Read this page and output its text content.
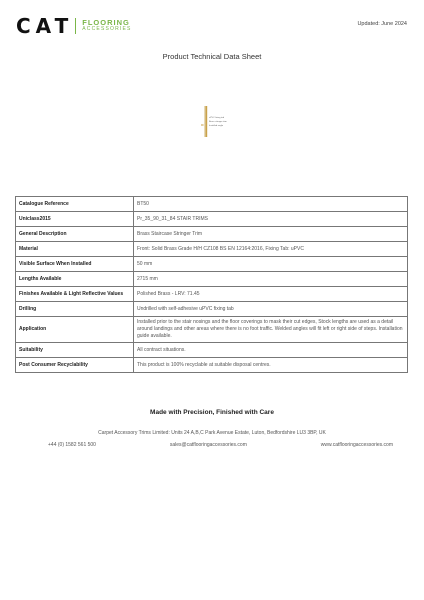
CAT FLOORING
ACCESSORIES
Updated: June 2024
Product Technical Data Sheet
uPVC fixing tab
Brass stringer trim
Installed angle
Catalogue Reference	BT50
Uniclass2015	Pr_35_90_31_84 STAIR TRIMS
General Description	Brass Staircase Stringer Trim
Material	Front: Solid Brass Grade H/H CZ108 BS EN 12164:2016, Fixing Tab: uPVC
Visible Surface When Installed	50 mm
Lengths Available	2715 mm
Finishes Available & Light Reflective Values	Polished Brass - LRV: 71.45
Drilling	Undrilled with self-adhesive uPVC fixing tab
Application	Installed prior to the stair nosings and the floor coverings to mask their cut edges, Stock lengths are used as a detail around landings and other areas where there is no foot traffic. Welded angles will fit left or right side of steps. Installation guide available.
Suitability	All contract situations.
Post Consumer Recyclability	This product is 100% recyclable at suitable disposal centres.
Made with Precision, Finished with Care
Carpet Accessory Trims Limited: Units 24 A,B,C Park Avenue Estate, Luton, Bedfordshire LU3 3BP, UK
+44 (0) 1582 561 500	sales@catflooringaccessories.com	www.catflooringaccessories.com
